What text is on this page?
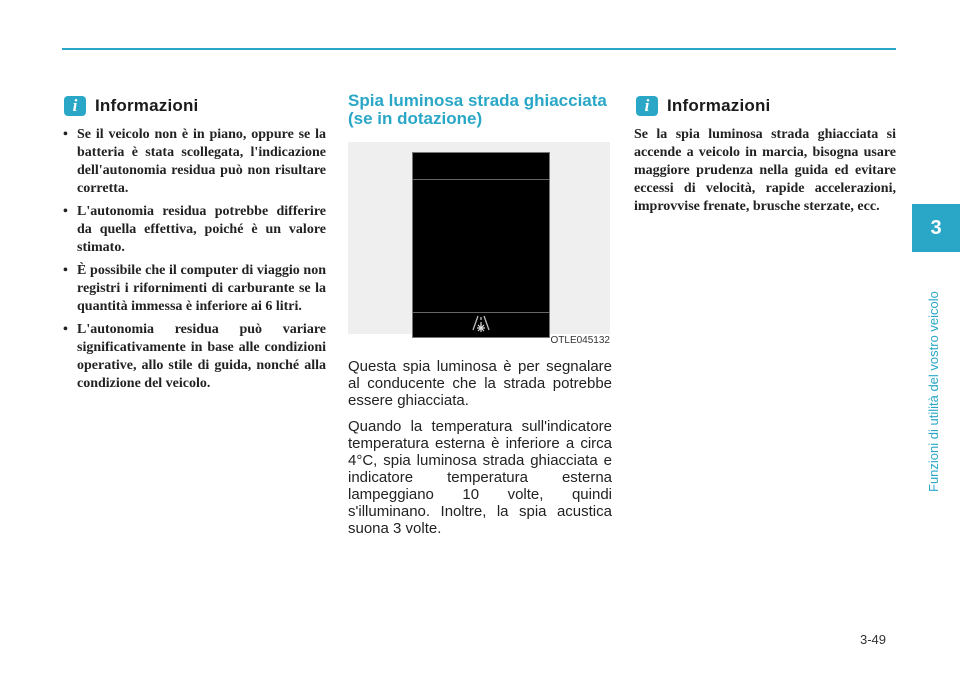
i	Informazioni
• Se il veicolo non è in piano, oppure se la batteria è stata scollegata, l'indicazione dell'autonomia residua può non risultare corretta.
• L'autonomia residua potrebbe differire da quella effettiva, poiché è un valore stimato.
• È possibile che il computer di viaggio non registri i rifornimenti di carburante se la quantità immessa è inferiore ai 6 litri.
• L'autonomia residua può variare significativamente in base alle condizioni operative, allo stile di guida, nonché alla condizione del veicolo.
Spia luminosa strada ghiacciata (se in dotazione)
OTLE045132

Questa spia luminosa è per segnalare al conducente che la strada potrebbe essere ghiacciata.

Quando la temperatura sull'indicatore temperatura esterna è inferiore a circa 4°C, spia luminosa strada ghiacciata e indicatore temperatura esterna lampeggiano 10 volte, quindi s'illuminano. Inoltre, la spia acustica suona 3 volte.

i	Informazioni

Se la spia luminosa strada ghiacciata si accende a veicolo in marcia, bisogna usare maggiore prudenza nella guida ed evitare eccessi di velocità, rapide accelerazioni, improvvise frenate, brusche sterzate, ecc.

3
Funzioni di utilità del vostro veicolo
3-49
